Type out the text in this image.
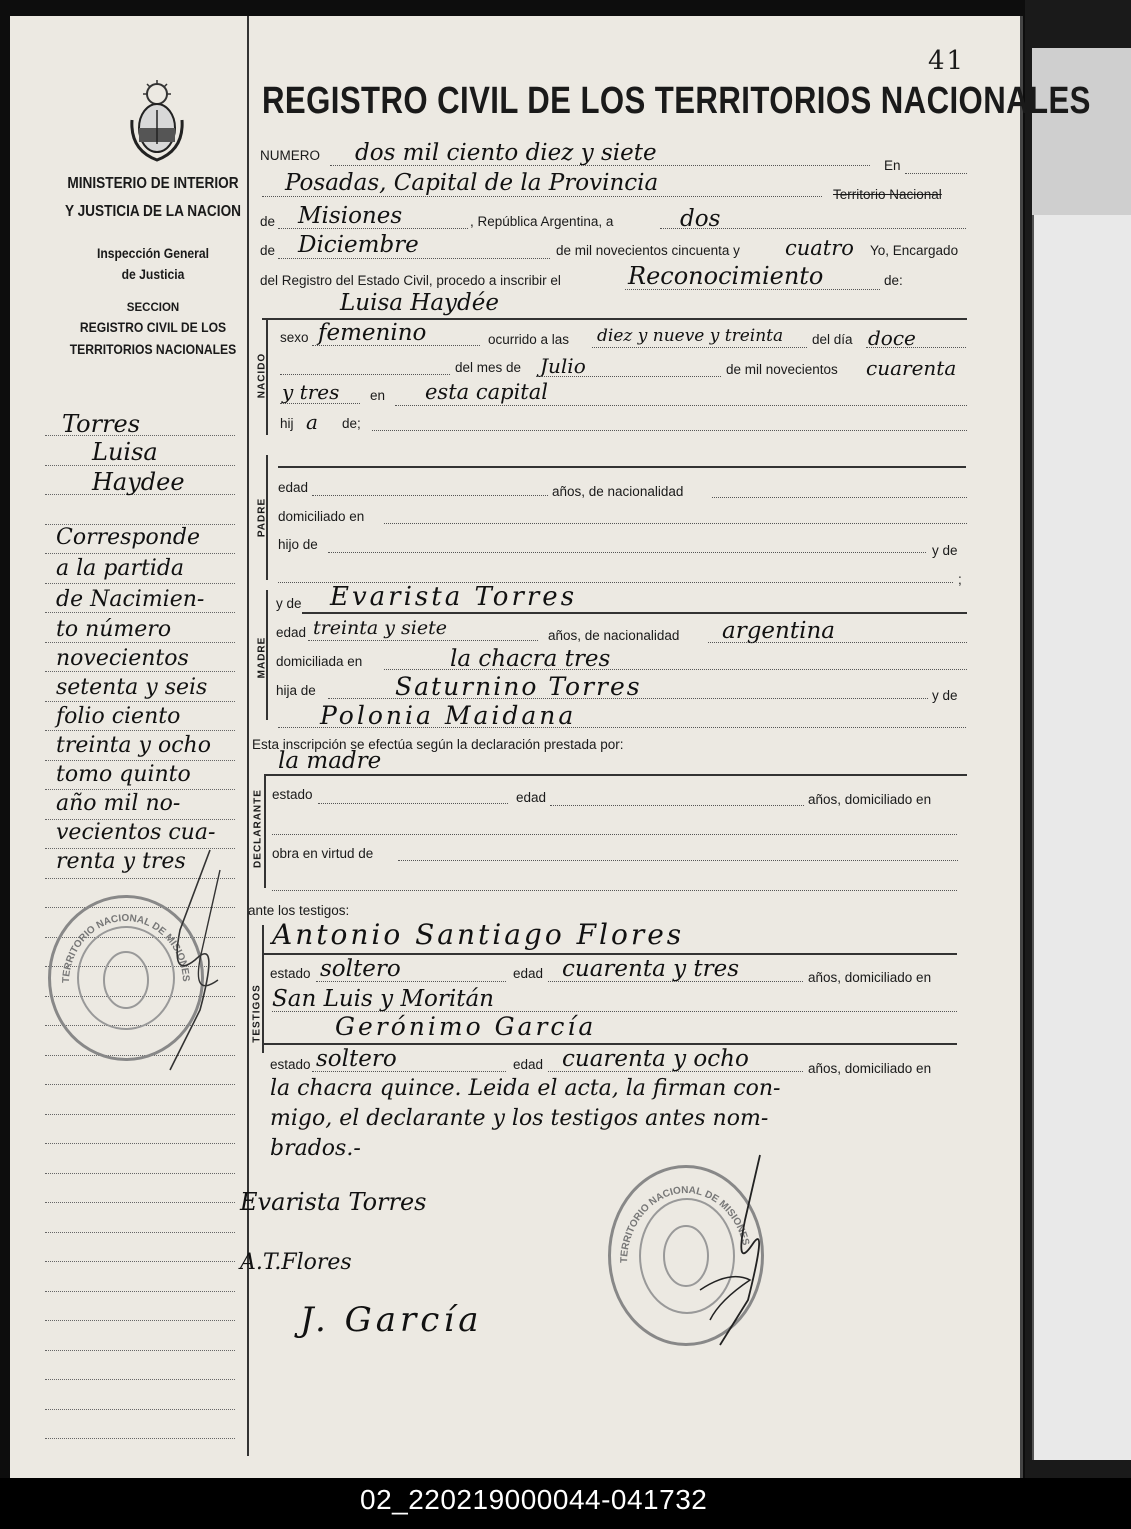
41
MINISTERIO DE INTERIOR
Y JUSTICIA DE LA NACION
Inspección General
de Justicia
SECCION
REGISTRO CIVIL DE LOS
TERRITORIOS NACIONALES
Torres
Luisa
Haydee
Corresponde
a la partida
de Nacimien-
to número
novecientos
setenta y seis
folio ciento
treinta y ocho
tomo quinto
año mil no-
vecientos cua-
renta y tres
TERRITORIO NACIONAL DE MISIONES
REGISTRO CIVIL DE LOS TERRITORIOS NACIONALES
NUMERO dos mil ciento diez y siete	En
Posadas, Capital de la Provincia	Territorio Nacional
de Misiones	, República Argentina, a	dos
de Diciembre	de mil novecientos cincuenta y cuatro Yo, Encargado
del Registro del Estado Civil, procedo a inscribir el	Reconocimiento	de:
Luisa Haydée
NACIDO
sexo femenino	ocurrido a las diez y nueve y treinta del día doce
del mes de Julio	de mil novecientos cuarenta
y tres en esta capital
hij a de;
PADRE
edad	años, de nacionalidad
domiciliado en
hijo de	y de
;
MADRE
y de Evarista Torres
edad treinta y siete	años, de nacionalidad argentina
domiciliada en	la chacra tres
hija de	Saturnino Torres	y de
Polonia Maidana
Esta inscripción se efectúa según la declaración prestada por:
la madre
DECLARANTE estado	edad	años, domiciliado en
obra en virtud de
ante los testigos:
TESTIGOS
Antonio Santiago Flores
estado soltero	edad cuarenta y tres	años, domiciliado en
San Luis y Moritán
Gerónimo García
estado soltero	edad cuarenta y ocho	años, domiciliado en
la chacra quince. Leida el acta, la firman con-
migo, el declarante y los testigos antes nom-
brados.-
Evarista Torres
A.T.Flores
J. García
TERRITORIO NACIONAL DE MISIONES
02_220219000044-041732
